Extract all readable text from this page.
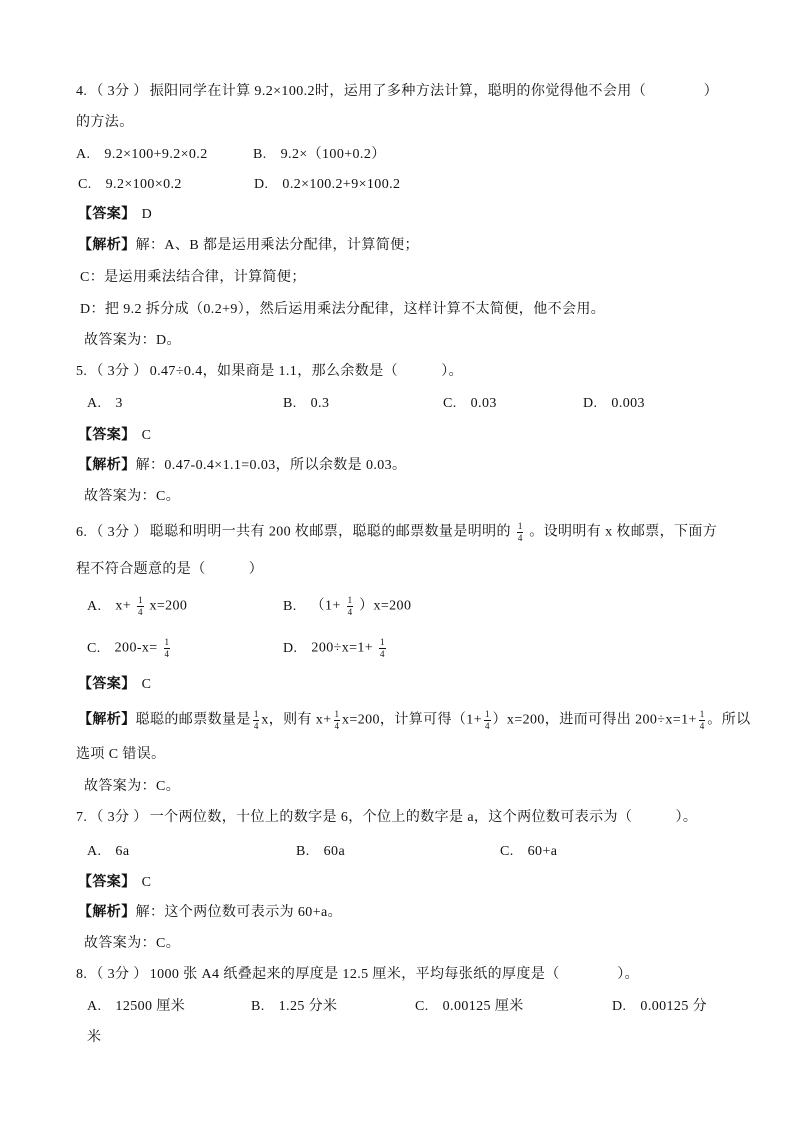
4. （ 3分 ） 振阳同学在计算 9.2×100.2时，运用了多种方法计算，聪明的你觉得他不会用（　　　　）
的方法。
A. 9.2×100+9.2×0.2	B. 9.2×（100+0.2）
C. 9.2×100×0.2	D. 0.2×100.2+9×100.2
【答案】 D
【解析】解：A、B 都是运用乘法分配律，计算简便；
C：是运用乘法结合律，计算简便；
D：把 9.2 拆分成（0.2+9），然后运用乘法分配律，这样计算不太简便，他不会用。
故答案为：D。
5. （ 3分 ） 0.47÷0.4，如果商是 1.1，那么余数是（　　　）。
A. 3	B. 0.3	C. 0.03	D. 0.003
【答案】 C
【解析】解：0.47-0.4×1.1=0.03，所以余数是 0.03。
故答案为：C。
6. （ 3分 ） 聪聪和明明一共有 200 枚邮票，聪聪的邮票数量是明明的 $\frac{1}{4}$ 。设明明有 x 枚邮票，下面方
程不符合题意的是（　　　）
A. $x+ \frac{1}{4} x=200$	B. $(1+ \frac{1}{4} )x=200$
C. $200-x= \frac{1}{4}$	D. $200\div x=1+ \frac{1}{4}$
【答案】 C
【解析】聪聪的邮票数量是 $\frac{1}{4}$ x，则有 $x+ \frac{1}{4} x=200$，计算可得$(1+ \frac{1}{4} )x=200$，进而可得出 $200\div x=1+ \frac{1}{4}$ 。所以
选项 C 错误。
故答案为：C。
7. （ 3分 ） 一个两位数，十位上的数字是 6，个位上的数字是 a，这个两位数可表示为（　　　）。
A. 6a	B. 60a	C. 60+a
【答案】 C
【解析】解：这个两位数可表示为 60+a。
故答案为：C。
8. （ 3分 ） 1000 张 A4 纸叠起来的厚度是 12.5 厘米，平均每张纸的厚度是（　　　　）。
A. 12500 厘米	B. 1.25 分米	C. 0.00125 厘米	D. 0.00125 分
米
